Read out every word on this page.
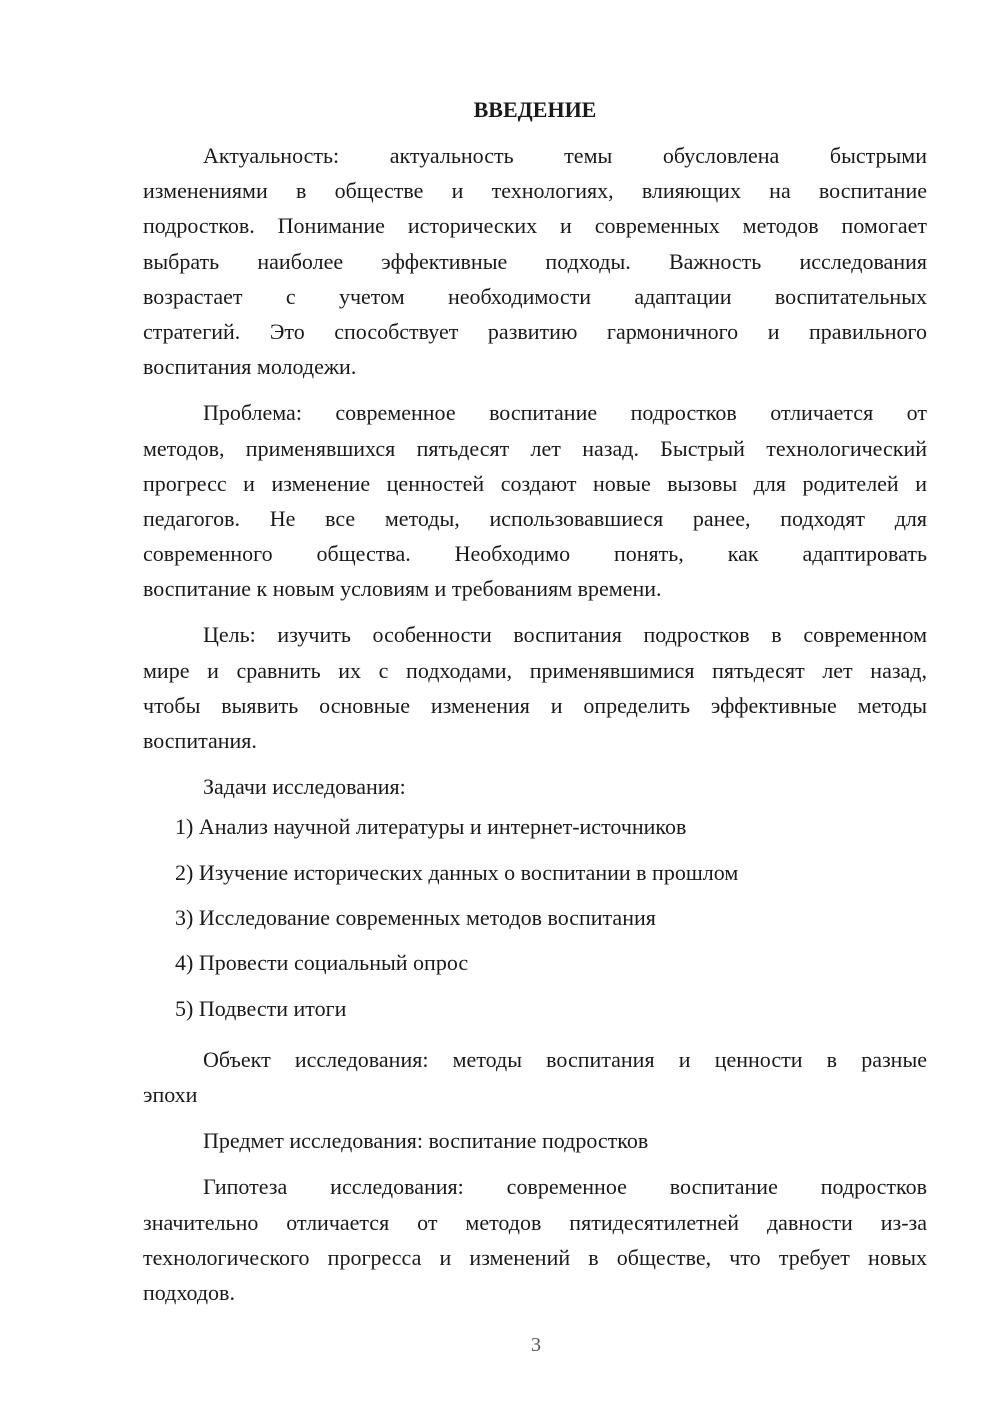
ВВЕДЕНИЕ
Актуальность: актуальность темы обусловлена быстрыми
изменениями в обществе и технологиях, влияющих на воспитание
подростков. Понимание исторических и современных методов помогает
выбрать наиболее эффективные подходы. Важность исследования
возрастает с учетом необходимости адаптации воспитательных
стратегий. Это способствует развитию гармоничного и правильного
воспитания молодежи.
Проблема: современное воспитание подростков отличается от
методов, применявшихся пятьдесят лет назад. Быстрый технологический
прогресс и изменение ценностей создают новые вызовы для родителей и
педагогов. Не все методы, использовавшиеся ранее, подходят для
современного общества. Необходимо понять, как адаптировать
воспитание к новым условиям и требованиям времени.
Цель: изучить особенности воспитания подростков в современном
мире и сравнить их с подходами, применявшимися пятьдесят лет назад,
чтобы выявить основные изменения и определить эффективные методы
воспитания.
Задачи исследования:
1) Анализ научной литературы и интернет-источников
2) Изучение исторических данных о воспитании в прошлом
3) Исследование современных методов воспитания
4) Провести социальный опрос
5) Подвести итоги
Объект исследования: методы воспитания и ценности в разные
эпохи
Предмет исследования: воспитание подростков
Гипотеза исследования: современное воспитание подростков
значительно отличается от методов пятидесятилетней давности из-за
технологического прогресса и изменений в обществе, что требует новых
подходов.
3
